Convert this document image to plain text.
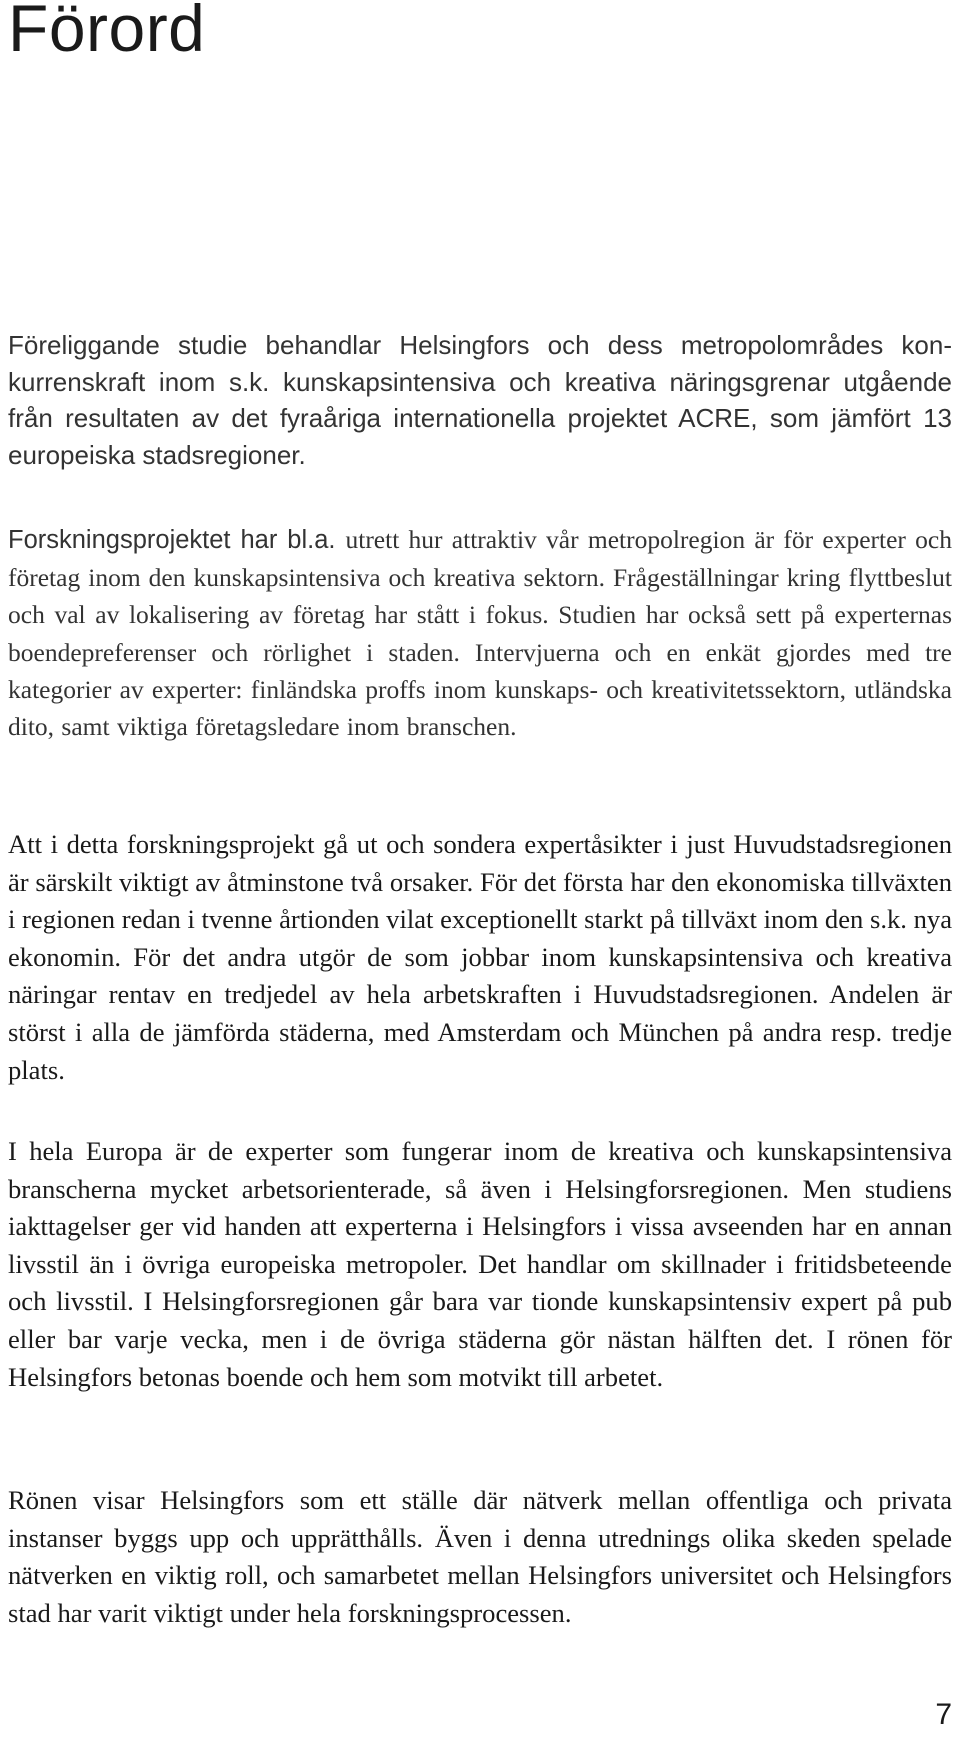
Förord

Föreliggande studie behandlar Helsingfors och dess metropolområdes konkurrenskraft inom s.k. kunskapsintensiva och kreativa näringsgrenar utgående från resultaten av det fyraåriga internationella projektet ACRE, som jämfört 13 europeiska stadsregioner.

Forskningsprojektet har bl.a. utrett hur attraktiv vår metropolregion är för experter och företag inom den kunskapsintensiva och kreativa sektorn. Frågeställningar kring flyttbeslut och val av lokalisering av företag har stått i fokus. Studien har också sett på experternas boendepreferenser och rörlighet i staden. Intervjuerna och en enkät gjordes med tre kategorier av experter: finländska proffs inom kunskaps- och kreativitetssektorn, utländska dito, samt viktiga företagsledare inom branschen.

Att i detta forskningsprojekt gå ut och sondera expertåsikter i just Huvudstadsregionen är särskilt viktigt av åtminstone två orsaker. För det första har den ekonomiska tillväxten i regionen redan i tvenne årtionden vilat exceptionellt starkt på tillväxt inom den s.k. nya ekonomin. För det andra utgör de som jobbar inom kunskapsintensiva och kreativa näringar rentav en tredjedel av hela arbetskraften i Huvudstadsregionen. Andelen är störst i alla de jämförda städerna, med Amsterdam och München på andra resp. tredje plats.

I hela Europa är de experter som fungerar inom de kreativa och kunskapsintensiva branscherna mycket arbetsorienterade, så även i Helsingforsregionen. Men studiens iakttagelser ger vid handen att experterna i Helsingfors i vissa avseenden har en annan livsstil än i övriga europeiska metropoler. Det handlar om skillnader i fritidsbeteende och livsstil. I Helsingforsregionen går bara var tionde kunskapsintensiv expert på pub eller bar varje vecka, men i de övriga städerna gör nästan hälften det. I rönen för Helsingfors betonas boende och hem som motvikt till arbetet.

Rönen visar Helsingfors som ett ställe där nätverk mellan offentliga och privata instanser byggs upp och upprätthålls. Även i denna utrednings olika skeden spelade nätverken en viktig roll, och samarbetet mellan Helsingfors universitet och Helsingfors stad har varit viktigt under hela forskningsprocessen.

7
